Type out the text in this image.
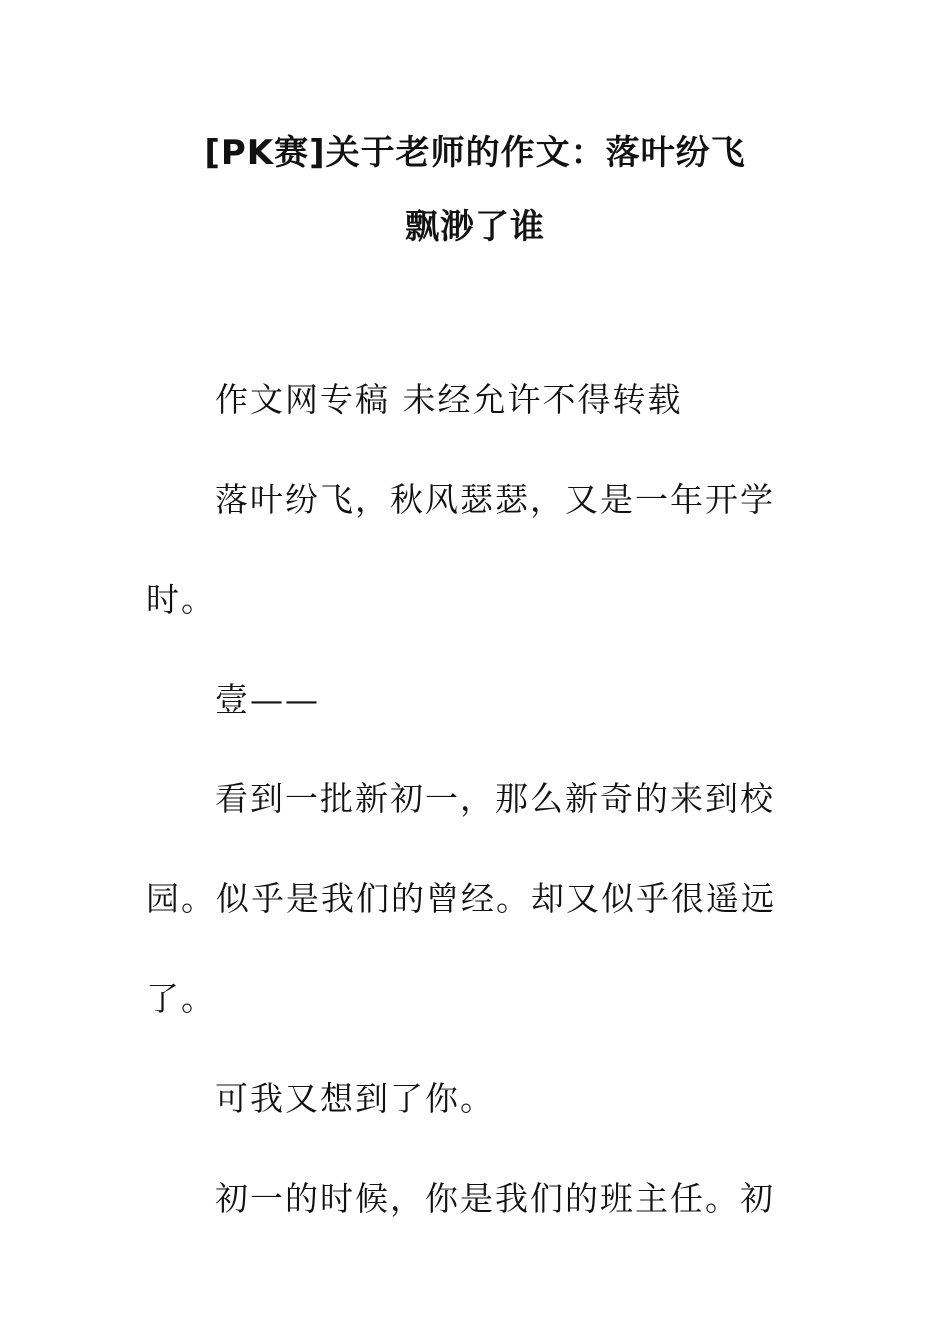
[PK赛]关于老师的作文：落叶纷飞
飘渺了谁
作文网专稿 未经允许不得转载
落叶纷飞，秋风瑟瑟，又是一年开学
时。
壹——
看到一批新初一，那么新奇的来到校
园。似乎是我们的曾经。却又似乎很遥远
了。
可我又想到了你。
初一的时候，你是我们的班主任。初
